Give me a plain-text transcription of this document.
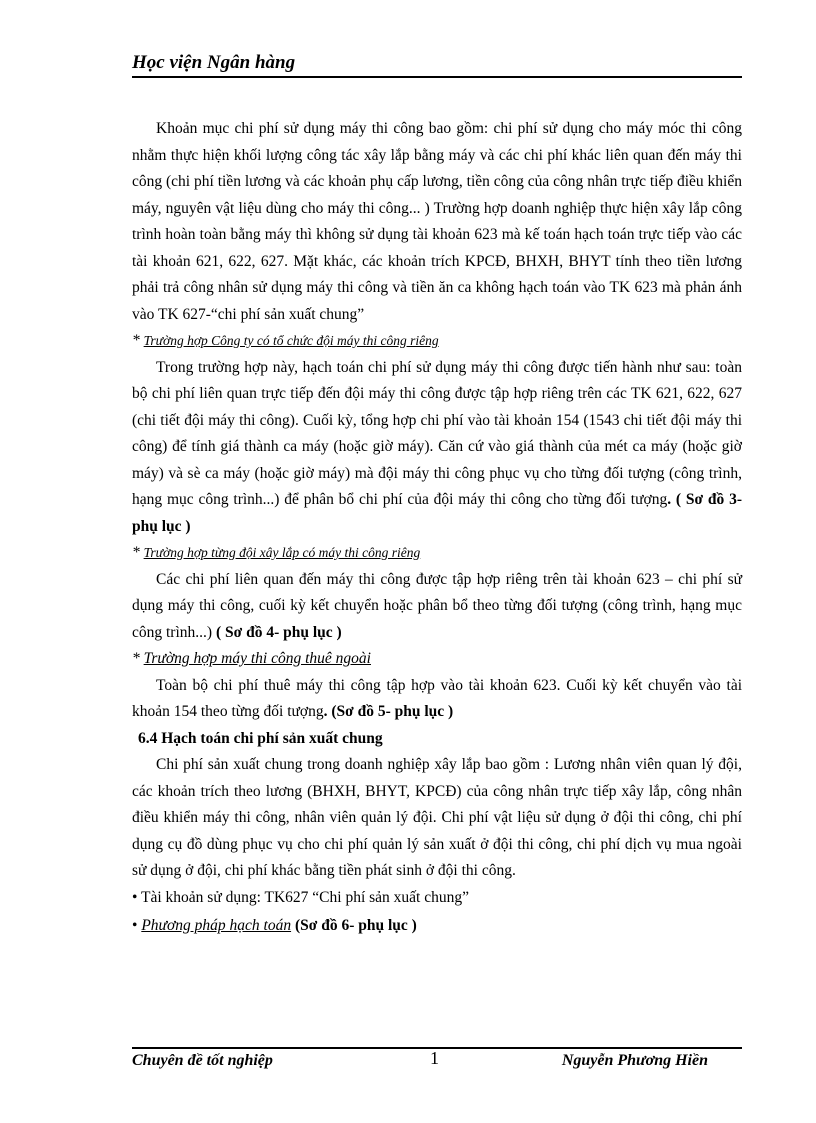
Học viện Ngân hàng

Khoản mục chi phí sử dụng máy thi công bao gồm: chi phí sử dụng cho máy móc thi công nhằm thực hiện khối lượng công tác xây lắp bằng máy và các chi phí khác liên quan đến máy thi công (chi phí tiền lương và các khoản phụ cấp lương, tiền công của công nhân trực tiếp điều khiển máy, nguyên vật liệu dùng cho máy thi công... ) Trường hợp doanh nghiệp thực hiện xây lắp công trình hoàn toàn bằng máy thì không sử dụng tài khoản 623 mà kế toán hạch toán trực tiếp vào các tài khoản 621, 622, 627. Mặt khác, các khoản trích KPCĐ, BHXH, BHYT tính theo tiền lương phải trả công nhân sử dụng máy thi công và tiền ăn ca không hạch toán vào TK 623 mà phản ánh vào TK 627-“chi phí sản xuất chung”

* Trường hợp Công ty có tổ chức đội máy thi công riêng

Trong trường hợp này, hạch toán chi phí sử dụng máy thi công được tiến hành như sau: toàn bộ chi phí liên quan trực tiếp đến đội máy thi công được tập hợp riêng trên các TK 621, 622, 627 (chi tiết đội máy thi công). Cuối kỳ, tổng hợp chi phí vào tài khoản 154 (1543 chi tiết đội máy thi công) để tính giá thành ca máy (hoặc giờ máy). Căn cứ vào giá thành của mét ca máy (hoặc giờ máy) và sè ca máy (hoặc giờ máy) mà đội máy thi công phục vụ cho từng đối tượng (công trình, hạng mục công trình...) để phân bổ chi phí của đội máy thi công cho từng đối tượng. ( Sơ đồ 3- phụ lục )

* Trường hợp từng đội xây lắp có máy thi công riêng

Các chi phí liên quan đến máy thi công được tập hợp riêng trên tài khoản 623 – chi phí sử dụng máy thi công, cuối kỳ kết chuyển hoặc phân bổ theo từng đối tượng (công trình, hạng mục công trình...) ( Sơ đồ 4- phụ lục )

* Trường hợp máy thi công thuê ngoài

Toàn bộ chi phí thuê máy thi công tập hợp vào tài khoản 623. Cuối kỳ kết chuyển vào tài khoản 154 theo từng đối tượng. (Sơ đồ 5- phụ lục )

6.4 Hạch toán chi phí sản xuất chung

Chi phí sản xuất chung trong doanh nghiệp xây lắp bao gồm : Lương nhân viên quan lý đội, các khoản trích theo lương (BHXH, BHYT, KPCĐ) của công nhân trực tiếp xây lắp, công nhân điều khiển máy thi công, nhân viên quản lý đội. Chi phí vật liệu sử dụng ở đội thi công, chi phí dụng cụ đồ dùng phục vụ cho chi phí quản lý sản xuất ở đội thi công, chi phí dịch vụ mua ngoài sử dụng ở đội, chi phí khác bằng tiền phát sinh ở đội thi công.

• Tài khoản sử dụng: TK627 “Chi phí sản xuất chung”

• Phương pháp hạch toán (Sơ đồ 6- phụ lục )

Chuyên đề tốt nghiệp	1	Nguyễn Phương Hiền
